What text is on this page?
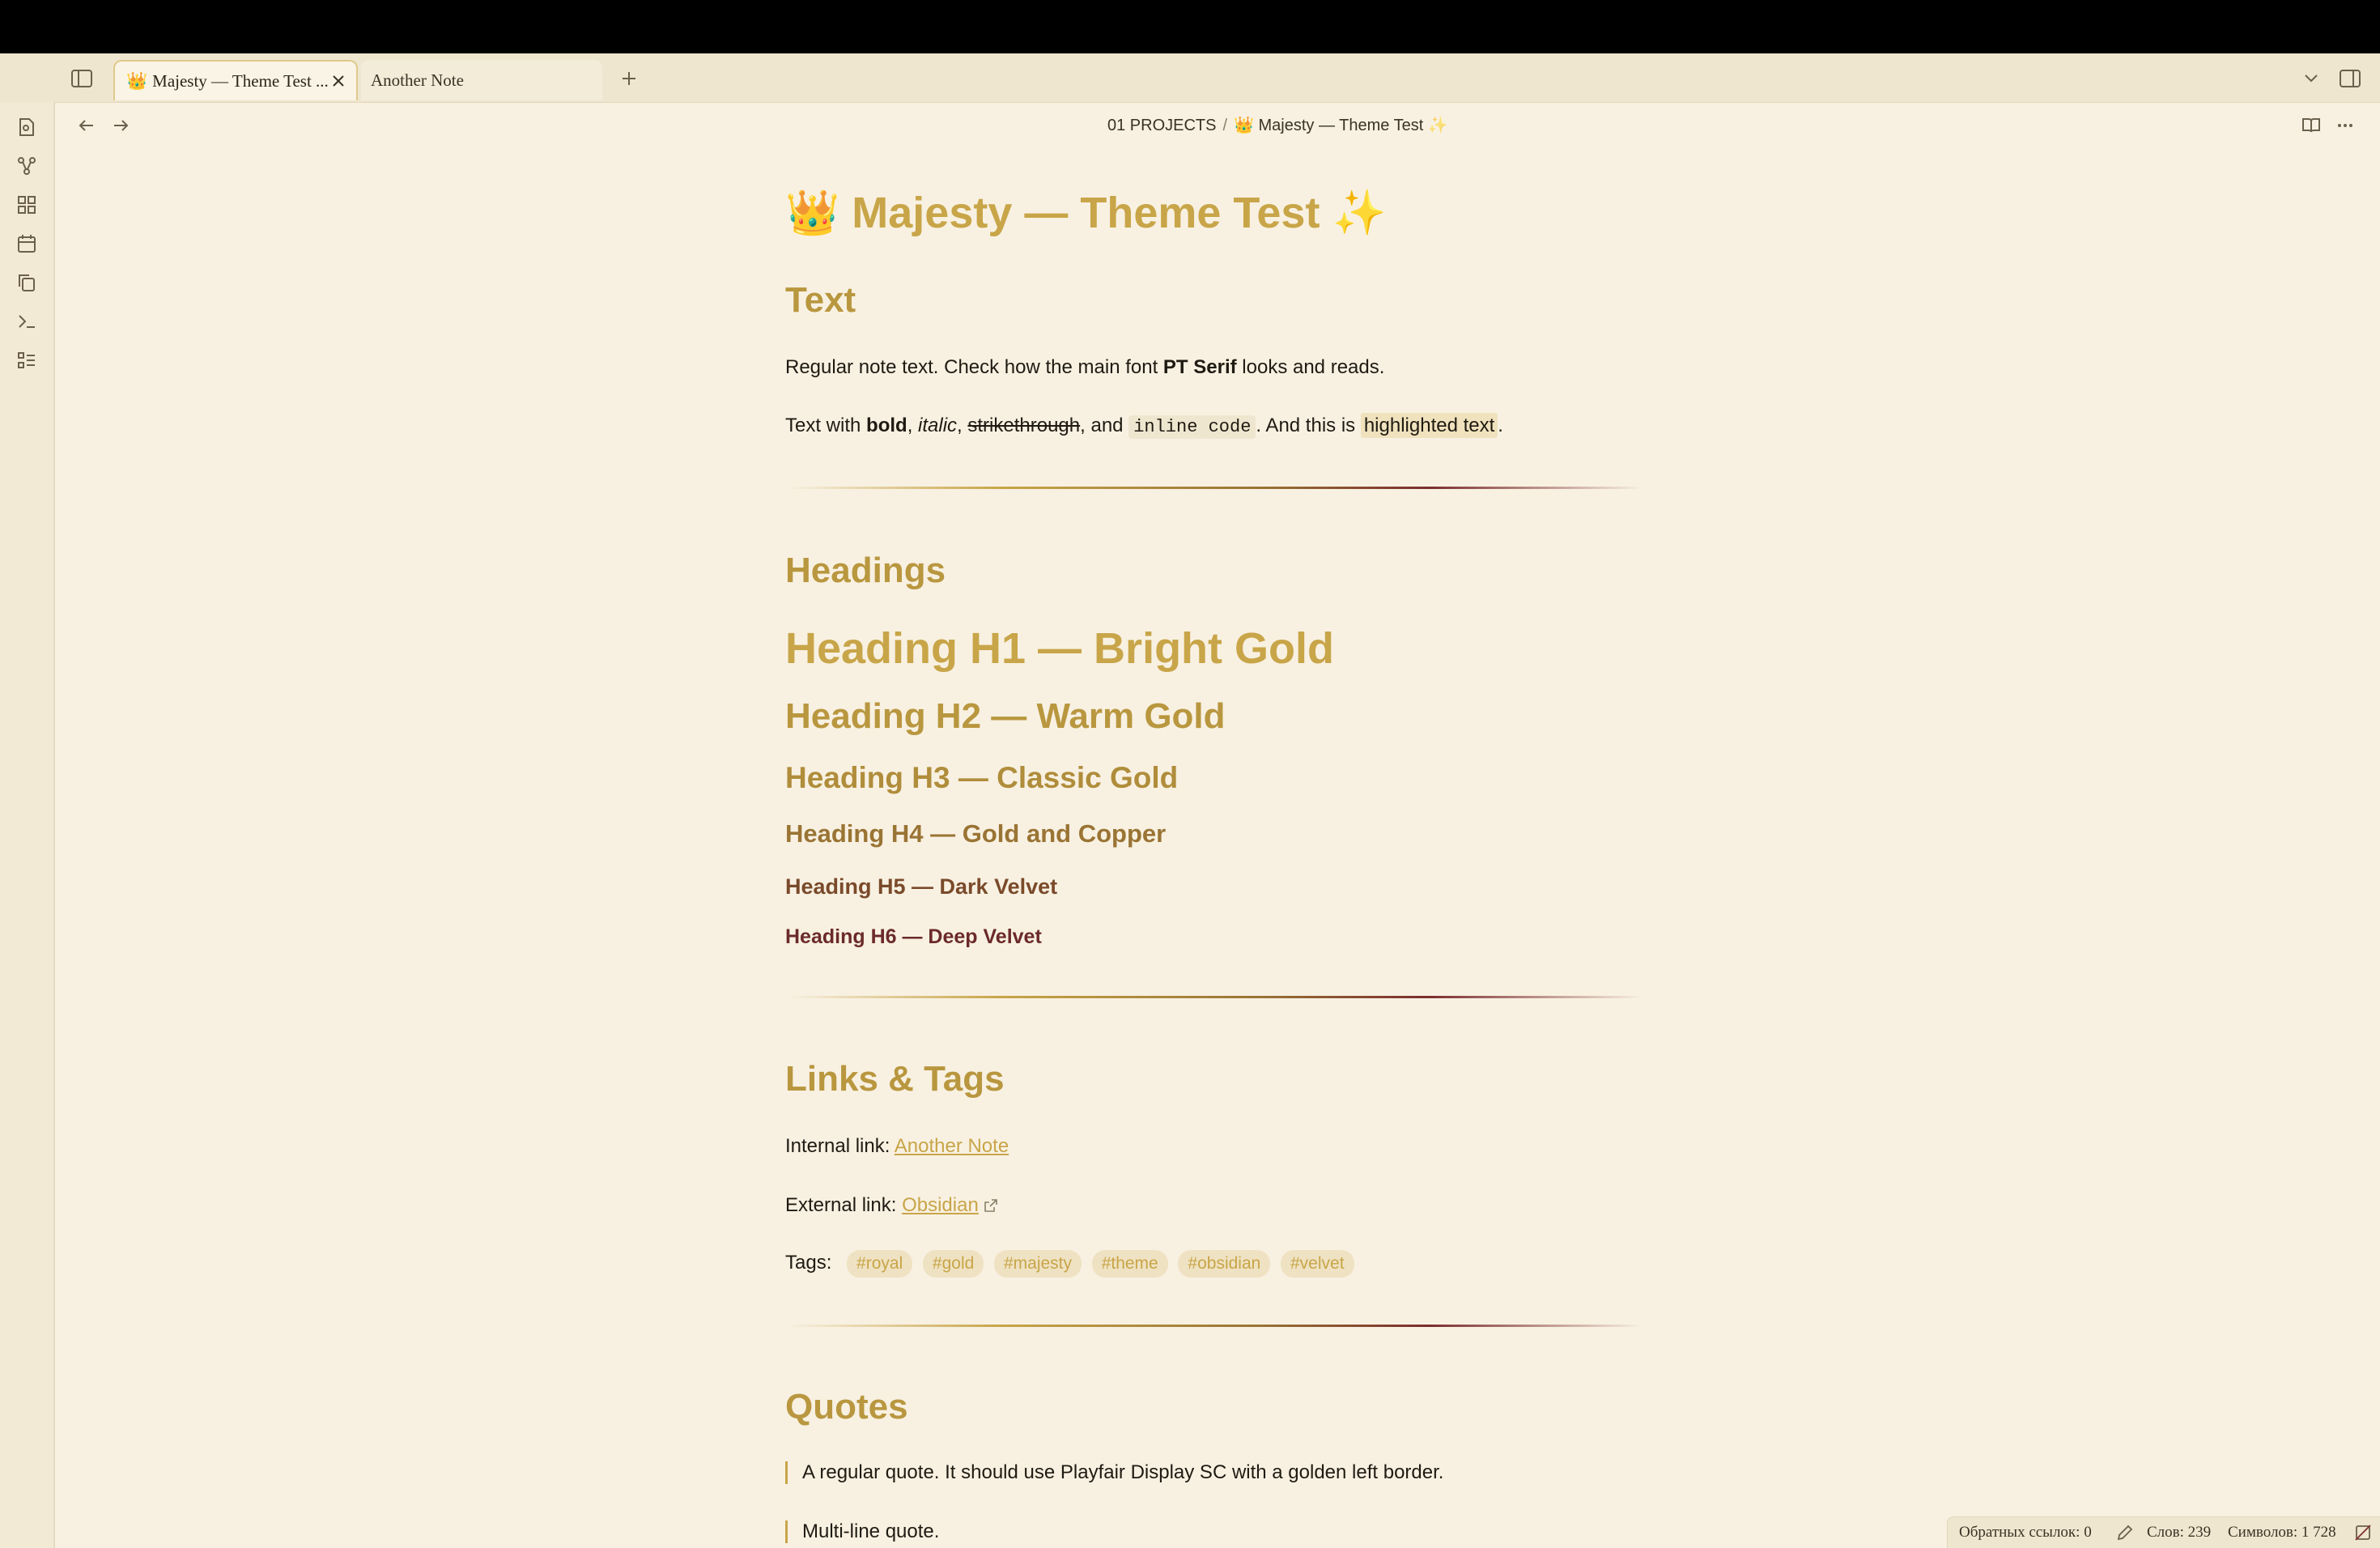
👑 Majesty — Theme Test ... Another Note
01 PROJECTS / 👑 Majesty — Theme Test ✨
👑 Majesty — Theme Test ✨
Text
Regular note text. Check how the main font PT Serif looks and reads.
Text with bold, italic, strikethrough, and inline code . And this is highlighted text .
Headings
Heading H1 — Bright Gold
Heading H2 — Warm Gold
Heading H3 — Classic Gold
Heading H4 — Gold and Copper
Heading H5 — Dark Velvet
Heading H6 — Deep Velvet
Links & Tags
Internal link: Another Note
External link: Obsidian
Tags: #royal #gold #majesty #theme #obsidian #velvet
Quotes
A regular quote. It should use Playfair Display SC with a golden left border.
Multi-line quote.	Обратных ссылок: 0	Слов: 239 Символов: 1 728
